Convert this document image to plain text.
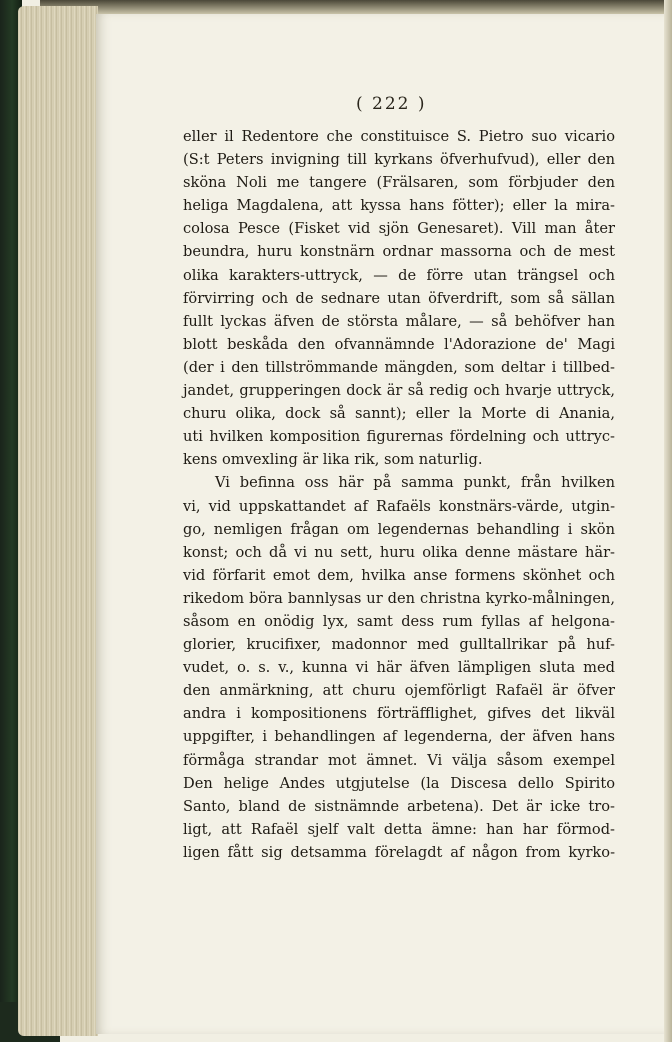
( 222 )
eller il Redentore che constituisce S. Pietro suo vicario
(S:t Peters invigning till kyrkans öfverhufvud), eller den
sköna Noli me tangere (Frälsaren, som förbjuder den
heliga Magdalena, att kyssa hans fötter); eller la mira-
colosa Pesce (Fisket vid sjön Genesaret). Vill man åter
beundra, huru konstnärn ordnar massorna och de mest
olika karakters-uttryck, — de förre utan trängsel och
förvirring och de sednare utan öfverdrift, som så sällan
fullt lyckas äfven de största målare, — så behöfver han
blott beskåda den ofvannämnde l'Adorazione de' Magi
(der i den tillströmmande mängden, som deltar i tillbed-
jandet, grupperingen dock är så redig och hvarje uttryck,
churu olika, dock så sannt); eller la Morte di Anania,
uti hvilken komposition figurernas fördelning och uttryc-
kens omvexling är lika rik, som naturlig.
Vi befinna oss här på samma punkt, från hvilken
vi, vid uppskattandet af Rafaëls konstnärs-värde, utgin-
go, nemligen frågan om legendernas behandling i skön
konst; och då vi nu sett, huru olika denne mästare här-
vid förfarit emot dem, hvilka anse formens skönhet och
rikedom böra bannlysas ur den christna kyrko-målningen,
såsom en onödig lyx, samt dess rum fyllas af helgona-
glorier, krucifixer, madonnor med gulltallrikar på huf-
vudet, o. s. v., kunna vi här äfven lämpligen sluta med
den anmärkning, att churu ojemförligt Rafaël är öfver
andra i kompositionens förträfflighet, gifves det likväl
uppgifter, i behandlingen af legenderna, der äfven hans
förmåga strandar mot ämnet. Vi välja såsom exempel
Den helige Andes utgjutelse (la Discesa dello Spirito
Santo, bland de sistnämnde arbetena). Det är icke tro-
ligt, att Rafaël sjelf valt detta ämne: han har förmod-
ligen fått sig detsamma förelagdt af någon from kyrko-
